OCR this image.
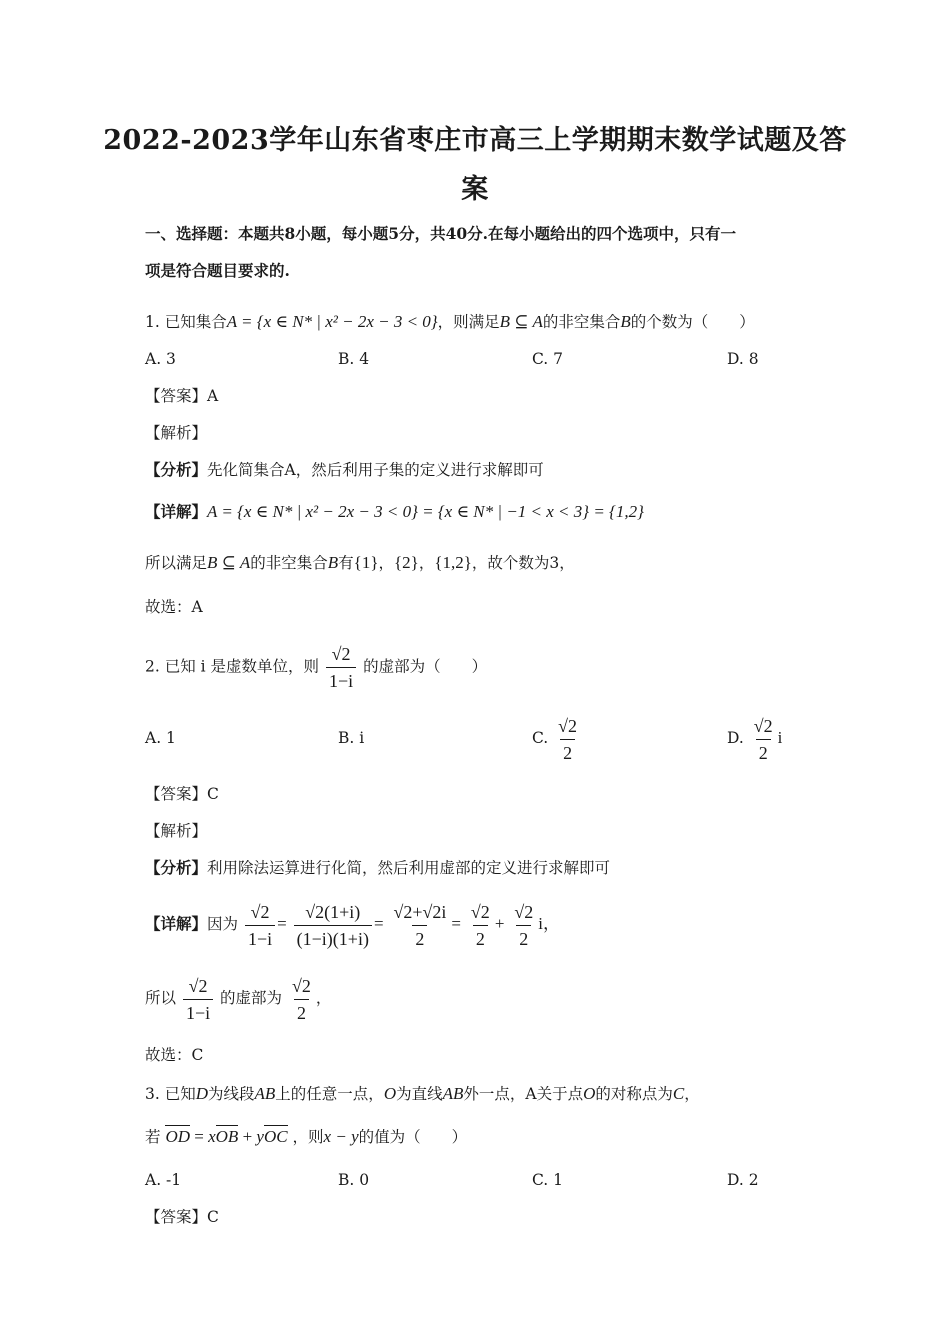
2022-2023学年山东省枣庄市高三上学期期末数学试题及答
案
一、选择题：本题共8小题，每小题5分，共40分.在每小题给出的四个选项中，只有一
项是符合题目要求的.
1. 已知集合A = {x ∈ N* | x² − 2x − 3 < 0}，则满足B ⊆ A的非空集合B的个数为（　　）
A. 3	B. 4	C. 7	D. 8
【答案】A
【解析】
【分析】先化简集合A，然后利用子集的定义进行求解即可
【详解】A = {x ∈ N* | x² − 2x − 3 < 0} = {x ∈ N* | −1 < x < 3} = {1,2}
所以满足B ⊆ A的非空集合B有{1}，{2}，{1,2}，故个数为3，
故选：A
2. 已知 i 是虚数单位，则 $\frac{√2}{1-i}$ 的虚部为（　　）
A. 1	B. i	C. $\frac{√2}{2}$	D. $\frac{√2}{2}$ i
【答案】C
【解析】
【分析】利用除法运算进行化简，然后利用虚部的定义进行求解即可
【详解】因为 $\frac{√2}{1-i} = \frac{√2(1+i)}{(1-i)(1+i)} = \frac{√2+√2i}{2} = \frac{√2}{2} + \frac{√2}{2}$ i，
所以 $\frac{√2}{1-i}$ 的虚部为 $\frac{√2}{2}$ ，
故选：C
3. 已知D为线段AB上的任意一点，O为直线AB外一点，A关于点O的对称点为C，
若 OD = xOB + yOC ，则x − y的值为（　　）
A. -1	B. 0	C. 1	D. 2
【答案】C
